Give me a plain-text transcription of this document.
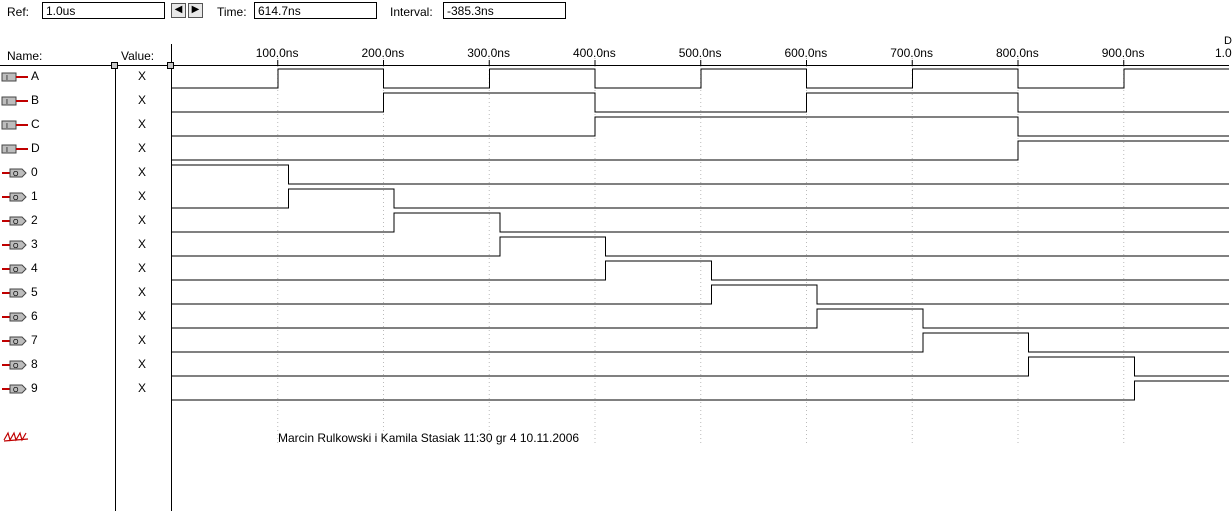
Ref:	1.0us	◀ ▶	Time: 614.7ns	Interval:	-385.3ns
Name:	Value:	100.0ns	200.0ns	300.0ns	400.0ns	500.0ns	600.0ns	700.0ns	800.0ns	900.0ns	1.0
D
I A	X
I B	X
I C	X
I D	X
O 0	X
O 1	X
O 2	X
O 3	X
O 4	X
O 5	X
O 6	X
O 7	X
O 8	X
O 9	X
Marcin Rulkowski i Kamila Stasiak 11:30 gr 4 10.11.2006
